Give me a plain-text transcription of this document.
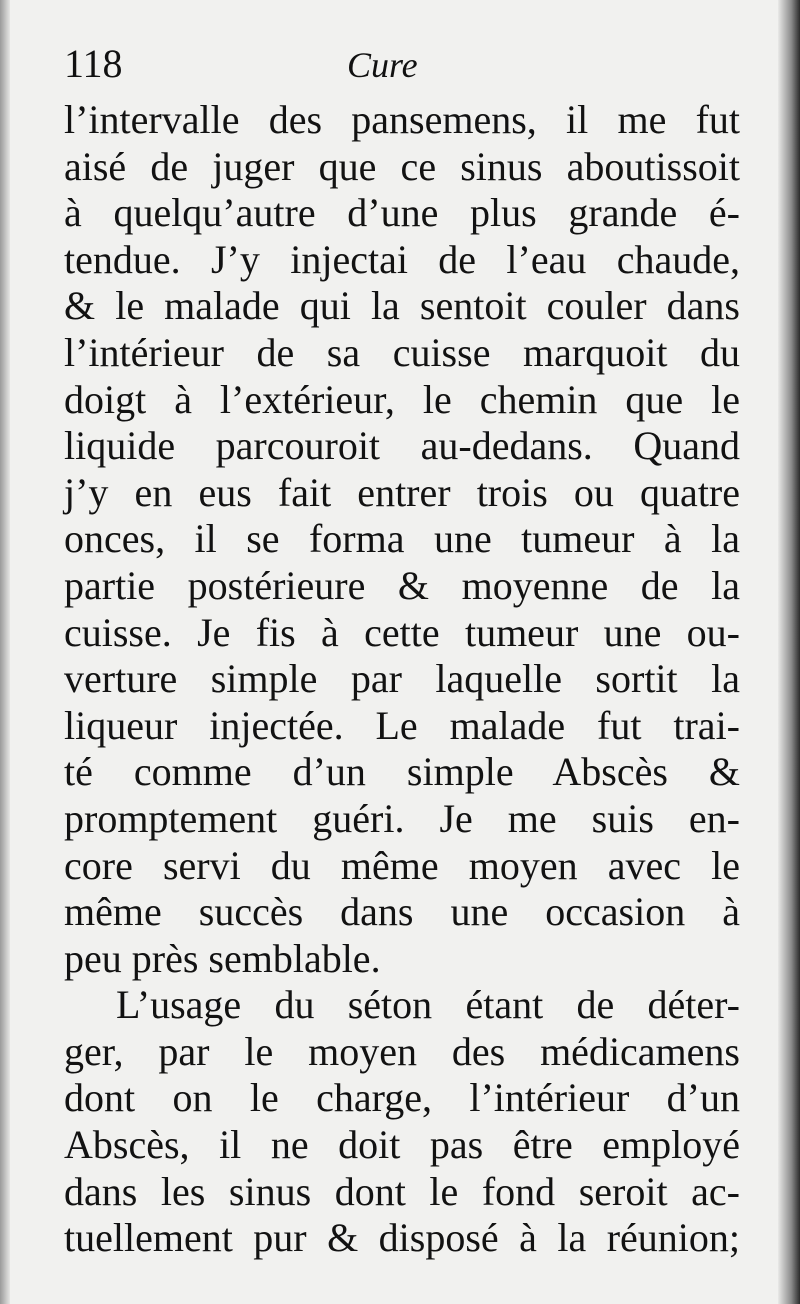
118	Cure
l’intervalle des pansemens, il me fut
aisé de juger que ce sinus aboutissoit
à quelqu’autre d’une plus grande é-
tendue. J’y injectai de l’eau chaude,
& le malade qui la sentoit couler dans
l’intérieur de sa cuisse marquoit du
doigt à l’extérieur, le chemin que le
liquide parcouroit au-dedans. Quand
j’y en eus fait entrer trois ou quatre
onces, il se forma une tumeur à la
partie postérieure & moyenne de la
cuisse. Je fis à cette tumeur une ou-
verture simple par laquelle sortit la
liqueur injectée. Le malade fut trai-
té comme d’un simple Abscès &
promptement guéri. Je me suis en-
core servi du même moyen avec le
même succès dans une occasion à
peu près semblable.
L’usage du séton étant de déter-
ger, par le moyen des médicamens
dont on le charge, l’intérieur d’un
Abscès, il ne doit pas être employé
dans les sinus dont le fond seroit ac-
tuellement pur & disposé à la réunion;
